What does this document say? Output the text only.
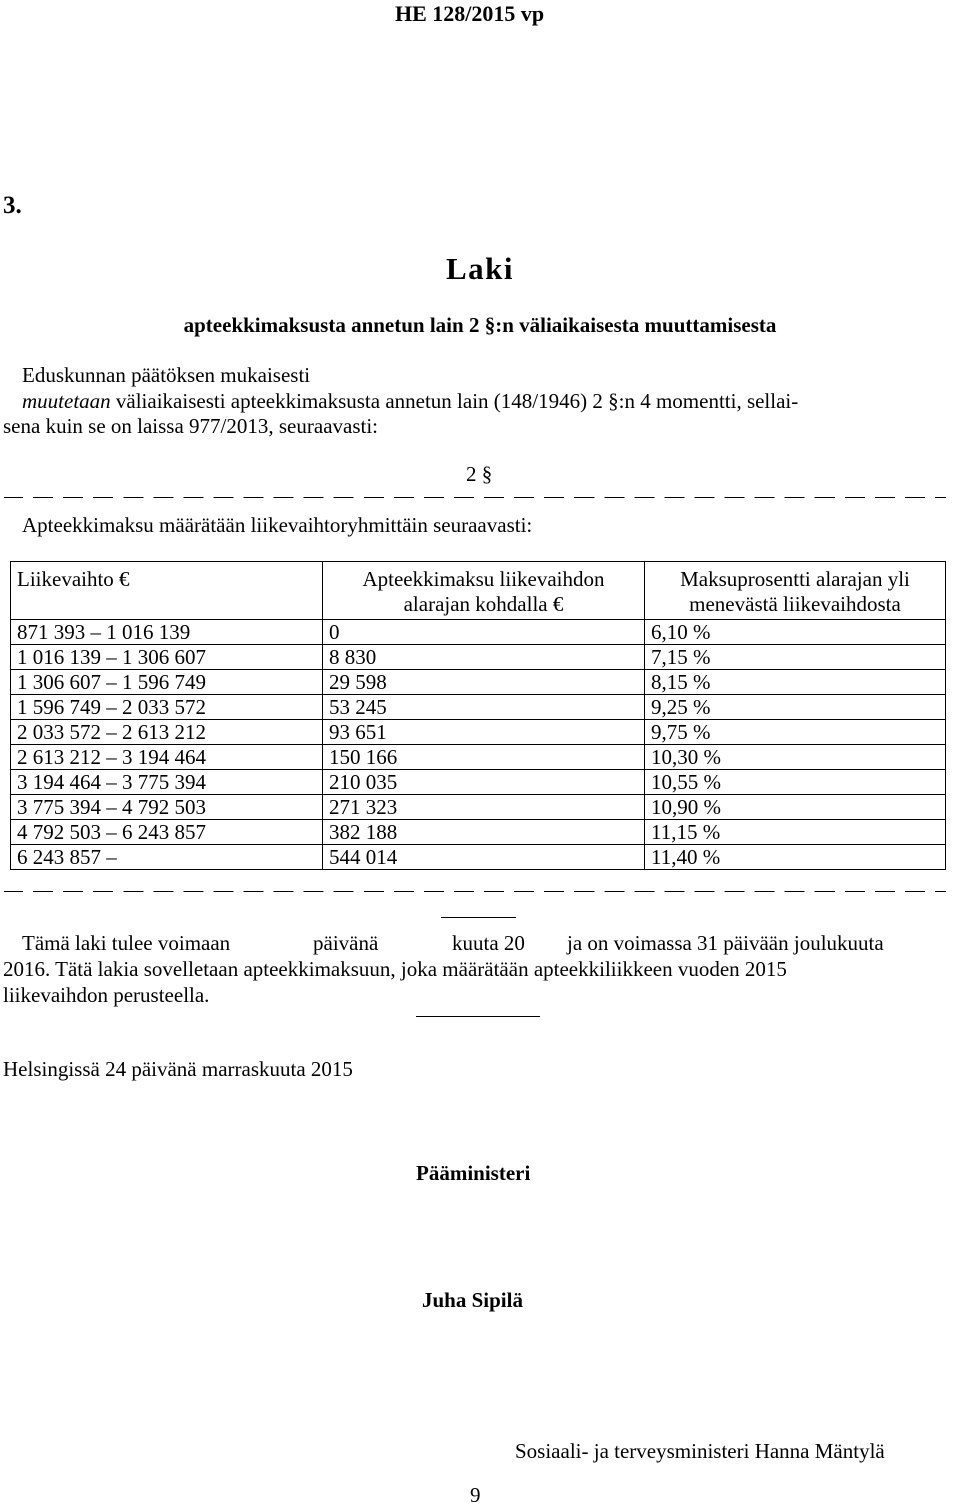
HE 128/2015 vp
3.
Laki
apteekkimaksusta annetun lain 2 §:n väliaikaisesta muuttamisesta
Eduskunnan päätöksen mukaisesti
muutetaan väliaikaisesti apteekkimaksusta annetun lain (148/1946) 2 §:n 4 momentti, sellai-
sena kuin se on laissa 977/2013, seuraavasti:
2 §
Apteekkimaksu määrätään liikevaihtoryhmittäin seuraavasti:
Liikevaihto €	Apteekkimaksu liikevaihdon alarajan kohdalla €	Maksuprosentti alarajan yli menevästä liikevaihdosta

871 393 – 1 016 139	0	6,10 %
1 016 139 – 1 306 607	8 830	7,15 %
1 306 607 – 1 596 749	29 598	8,15 %
1 596 749 – 2 033 572	53 245	9,25 %
2 033 572 – 2 613 212	93 651	9,75 %
2 613 212 – 3 194 464	150 166	10,30 %
3 194 464 – 3 775 394	210 035	10,55 %
3 775 394 – 4 792 503	271 323	10,90 %
4 792 503 – 6 243 857	382 188	11,15 %
6 243 857 –	544 014	11,40 %
Tämä laki tulee voimaan	päivänä	kuuta 20 ja on voimassa 31 päivään joulukuuta
2016. Tätä lakia sovelletaan apteekkimaksuun, joka määrätään apteekkiliikkeen vuoden 2015
liikevaihdon perusteella.
Helsingissä 24 päivänä marraskuuta 2015
Pääministeri
Juha Sipilä
Sosiaali- ja terveysministeri Hanna Mäntylä
9
